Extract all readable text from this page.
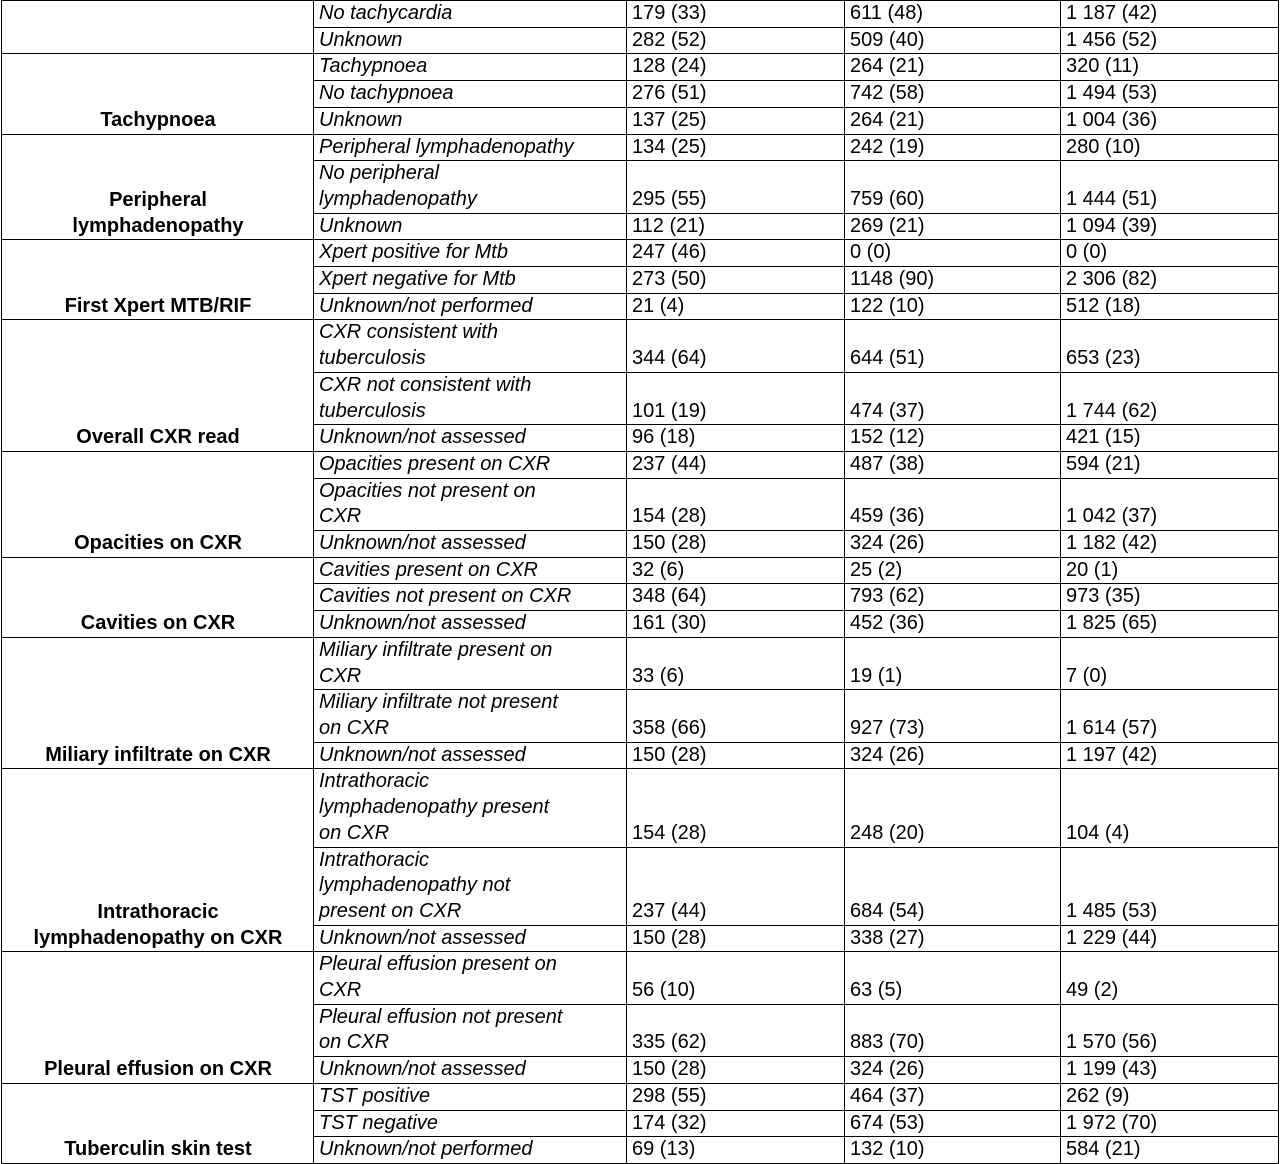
	No tachycardia	179 (33)	611 (48)	1 187 (42)
	Unknown	282 (52)	509 (40)	1 456 (52)
Tachypnoea	Tachypnoea	128 (24)	264 (21)	320 (11)
	No tachypnoea	276 (51)	742 (58)	1 494 (53)
	Unknown	137 (25)	264 (21)	1 004 (36)
Peripheral
lymphadenopathy	Peripheral lymphadenopathy	134 (25)	242 (19)	280 (10)
	No peripheral
lymphadenopathy	295 (55)	759 (60)	1 444 (51)
	Unknown	112 (21)	269 (21)	1 094 (39)
First Xpert MTB/RIF	Xpert positive for Mtb	247 (46)	0 (0)	0 (0)
	Xpert negative for Mtb	273 (50)	1148 (90)	2 306 (82)
	Unknown/not performed	21 (4)	122 (10)	512 (18)
Overall CXR read	CXR consistent with
tuberculosis	344 (64)	644 (51)	653 (23)
	CXR not consistent with
tuberculosis	101 (19)	474 (37)	1 744 (62)
	Unknown/not assessed	96 (18)	152 (12)	421 (15)
Opacities on CXR	Opacities present on CXR	237 (44)	487 (38)	594 (21)
	Opacities not present on
CXR	154 (28)	459 (36)	1 042 (37)
	Unknown/not assessed	150 (28)	324 (26)	1 182 (42)
Cavities on CXR	Cavities present on CXR	32 (6)	25 (2)	20 (1)
	Cavities not present on CXR	348 (64)	793 (62)	973 (35)
	Unknown/not assessed	161 (30)	452 (36)	1 825 (65)
Miliary infiltrate on CXR	Miliary infiltrate present on
CXR	33 (6)	19 (1)	7 (0)
	Miliary infiltrate not present
on CXR	358 (66)	927 (73)	1 614 (57)
	Unknown/not assessed	150 (28)	324 (26)	1 197 (42)
Intrathoracic
lymphadenopathy on CXR	Intrathoracic
lymphadenopathy present
on CXR	154 (28)	248 (20)	104 (4)
	Intrathoracic
lymphadenopathy not
present on CXR	237 (44)	684 (54)	1 485 (53)
	Unknown/not assessed	150 (28)	338 (27)	1 229 (44)
Pleural effusion on CXR	Pleural effusion present on
CXR	56 (10)	63 (5)	49 (2)
	Pleural effusion not present
on CXR	335 (62)	883 (70)	1 570 (56)
	Unknown/not assessed	150 (28)	324 (26)	1 199 (43)
Tuberculin skin test	TST positive	298 (55)	464 (37)	262 (9)
	TST negative	174 (32)	674 (53)	1 972 (70)
	Unknown/not performed	69 (13)	132 (10)	584 (21)
